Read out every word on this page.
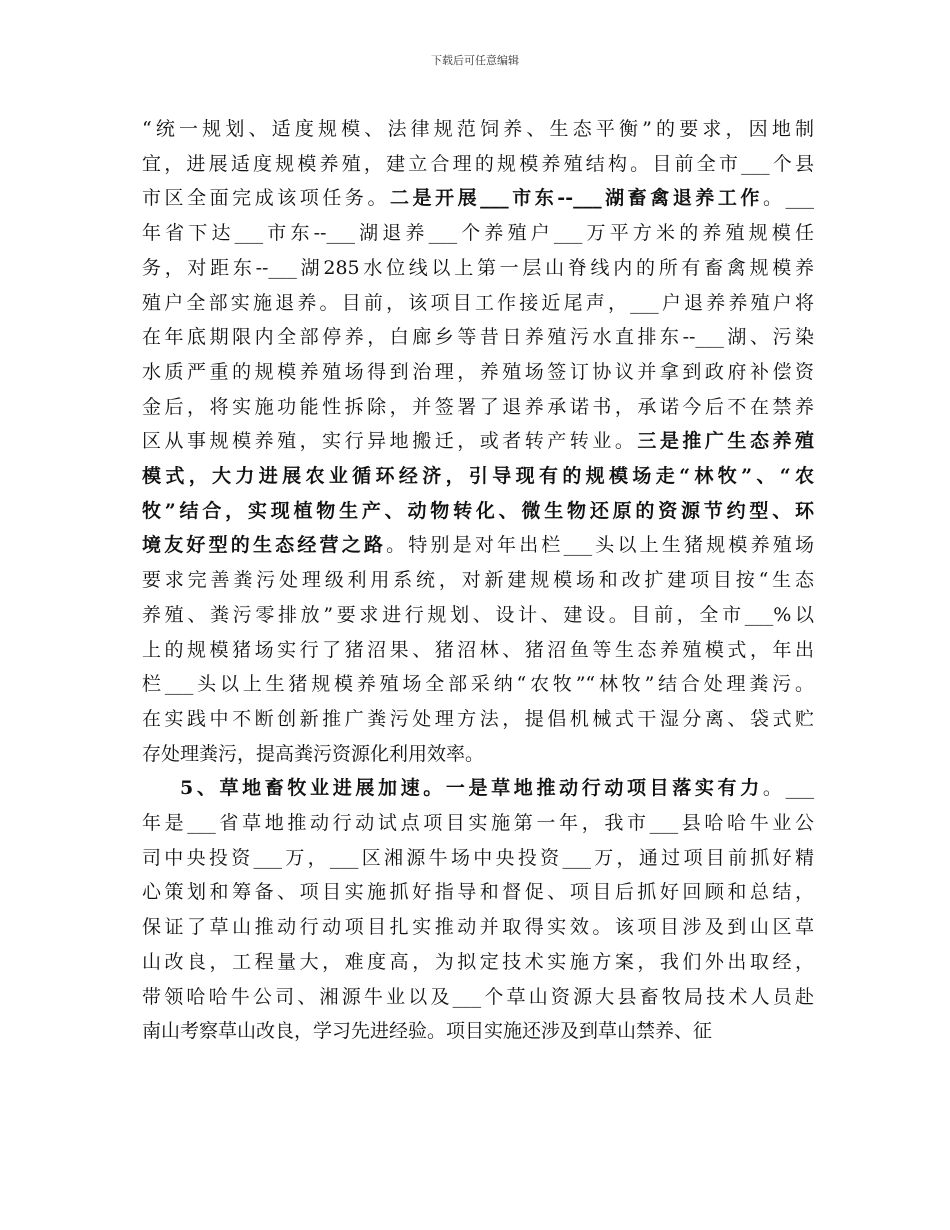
下载后可任意编辑

“统一规划、适度规模、法律规范饲养、生态平衡”的要求，因地制
宜，进展适度规模养殖，建立合理的规模养殖结构。目前全市___个县
市区全面完成该项任务。二是开展___市东--___湖畜禽退养工作。___
年省下达___市东--___湖退养___个养殖户___万平方米的养殖规模任
务，对距东--___湖285水位线以上第一层山脊线内的所有畜禽规模养
殖户全部实施退养。目前，该项目工作接近尾声，___户退养养殖户将
在年底期限内全部停养，白廊乡等昔日养殖污水直排东--___湖、污染
水质严重的规模养殖场得到治理，养殖场签订协议并拿到政府补偿资
金后，将实施功能性拆除，并签署了退养承诺书，承诺今后不在禁养
区从事规模养殖，实行异地搬迁，或者转产转业。三是推广生态养殖
模式，大力进展农业循环经济，引导现有的规模场走“林牧”、“农
牧”结合，实现植物生产、动物转化、微生物还原的资源节约型、环
境友好型的生态经营之路。特别是对年出栏___头以上生猪规模养殖场
要求完善粪污处理级利用系统，对新建规模场和改扩建项目按“生态
养殖、粪污零排放”要求进行规划、设计、建设。目前，全市___%以
上的规模猪场实行了猪沼果、猪沼林、猪沼鱼等生态养殖模式，年出
栏___头以上生猪规模养殖场全部采纳“农牧”“林牧”结合处理粪污。
在实践中不断创新推广粪污处理方法，提倡机械式干湿分离、袋式贮
存处理粪污，提高粪污资源化利用效率。

5、草地畜牧业进展加速。一是草地推动行动项目落实有力。___
年是___省草地推动行动试点项目实施第一年，我市___县哈哈牛业公
司中央投资___万，___区湘源牛场中央投资___万，通过项目前抓好精
心策划和筹备、项目实施抓好指导和督促、项目后抓好回顾和总结，
保证了草山推动行动项目扎实推动并取得实效。该项目涉及到山区草
山改良，工程量大，难度高，为拟定技术实施方案，我们外出取经，
带领哈哈牛公司、湘源牛业以及___个草山资源大县畜牧局技术人员赴
南山考察草山改良，学习先进经验。项目实施还涉及到草山禁养、征
